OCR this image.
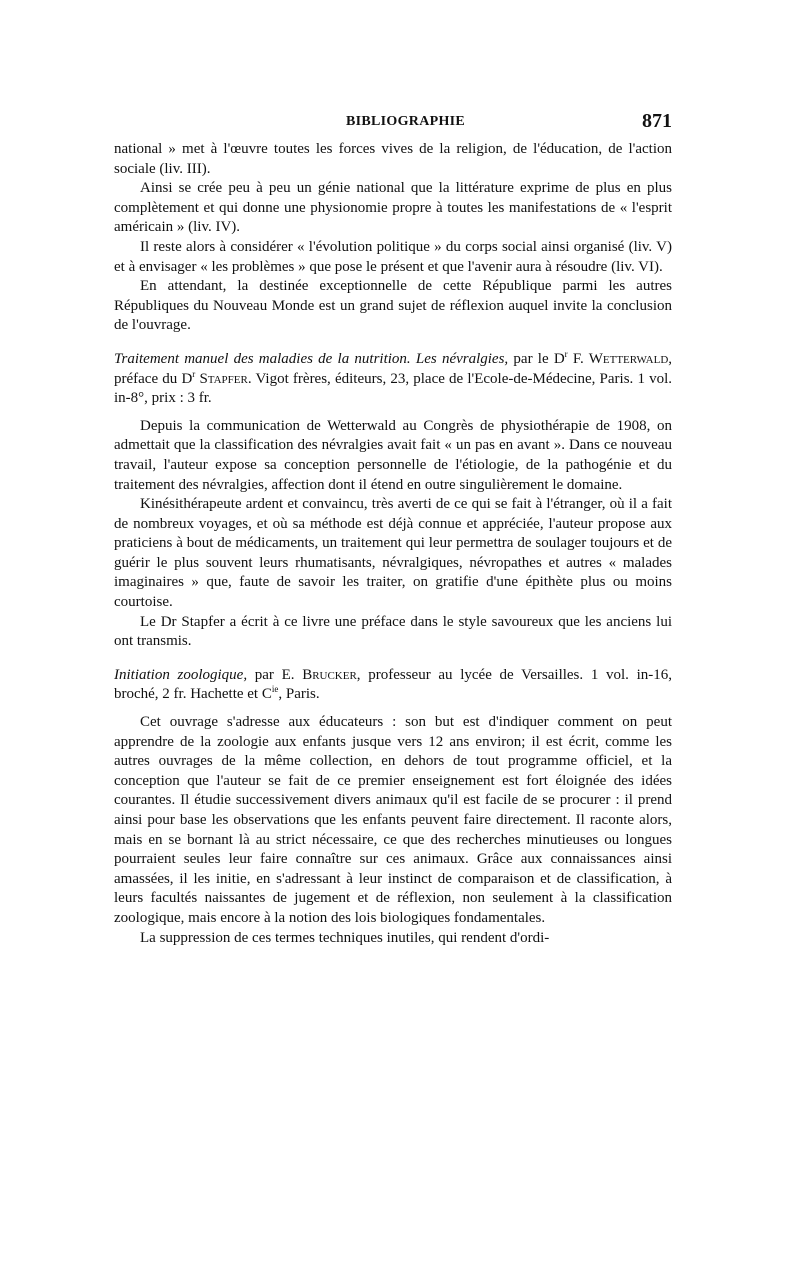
BIBLIOGRAPHIE	871

national » met à l'œuvre toutes les forces vives de la religion, de l'éducation, de l'action sociale (liv. III).

Ainsi se crée peu à peu un génie national que la littérature exprime de plus en plus complètement et qui donne une physionomie propre à toutes les manifestations de « l'esprit américain » (liv. IV).

Il reste alors à considérer « l'évolution politique » du corps social ainsi organisé (liv. V) et à envisager « les problèmes » que pose le présent et que l'avenir aura à résoudre (liv. VI).

En attendant, la destinée exceptionnelle de cette République parmi les autres Républiques du Nouveau Monde est un grand sujet de réflexion auquel invite la conclusion de l'ouvrage.

Traitement manuel des maladies de la nutrition. Les névralgies, par le $D^r$ F. Wetterwald, préface du $D^r$ Stapfer. Vigot frères, éditeurs, 23, place de l'Ecole-de-Médecine, Paris. 1 vol. in-8°, prix : 3 fr.

Depuis la communication de Wetterwald au Congrès de physiothérapie de 1908, on admettait que la classification des névralgies avait fait « un pas en avant ». Dans ce nouveau travail, l'auteur expose sa conception personnelle de l'étiologie, de la pathogénie et du traitement des névralgies, affection dont il étend en outre singulièrement le domaine.

Kinésithérapeute ardent et convaincu, très averti de ce qui se fait à l'étranger, où il a fait de nombreux voyages, et où sa méthode est déjà connue et appréciée, l'auteur propose aux praticiens à bout de médicaments, un traitement qui leur permettra de soulager toujours et de guérir le plus souvent leurs rhumatisants, névralgiques, névropathes et autres « malades imaginaires » que, faute de savoir les traiter, on gratifie d'une épithète plus ou moins courtoise.

Le Dr Stapfer a écrit à ce livre une préface dans le style savoureux que les anciens lui ont transmis.

Initiation zoologique, par E. Brucker, professeur au lycée de Versailles. 1 vol. in-16, broché, 2 fr. Hachette et $C^{ie}$, Paris.

Cet ouvrage s'adresse aux éducateurs : son but est d'indiquer comment on peut apprendre de la zoologie aux enfants jusque vers 12 ans environ; il est écrit, comme les autres ouvrages de la même collection, en dehors de tout programme officiel, et la conception que l'auteur se fait de ce premier enseignement est fort éloignée des idées courantes. Il étudie successivement divers animaux qu'il est facile de se procurer : il prend ainsi pour base les observations que les enfants peuvent faire directement. Il raconte alors, mais en se bornant là au strict nécessaire, ce que des recherches minutieuses ou longues pourraient seules leur faire connaître sur ces animaux. Grâce aux connaissances ainsi amassées, il les initie, en s'adressant à leur instinct de comparaison et de classification, à leurs facultés naissantes de jugement et de réflexion, non seulement à la classification zoologique, mais encore à la notion des lois biologiques fondamentales.

La suppression de ces termes techniques inutiles, qui rendent d'ordi-
